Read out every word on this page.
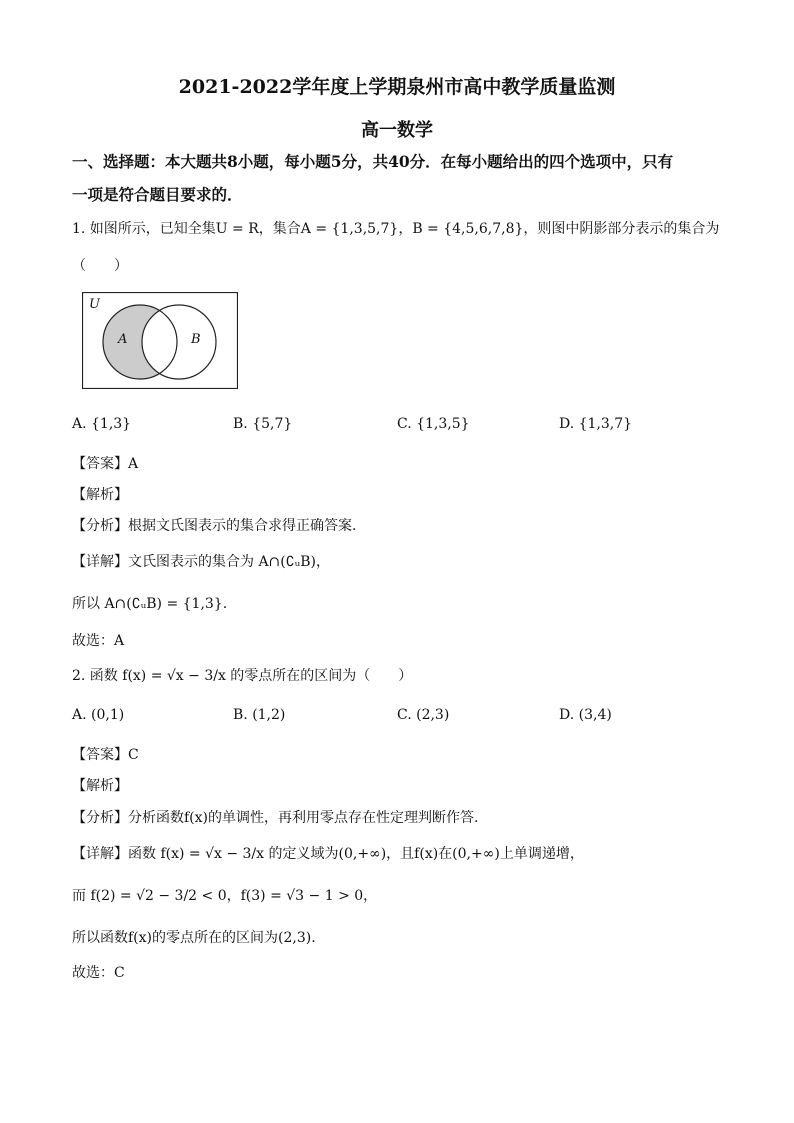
2021-2022学年度上学期泉州市高中教学质量监测
高一数学
一、选择题：本大题共8小题，每小题5分，共40分．在每小题给出的四个选项中，只有
一项是符合题目要求的．
1. 如图所示，已知全集U = R，集合A = {1,3,5,7}，B = {4,5,6,7,8}，则图中阴影部分表示的集合为
（　　）
U
A	B
A. {1,3}	B. {5,7}	C. {1,3,5}	D. {1,3,7}
【答案】A
【解析】
【分析】根据文氏图表示的集合求得正确答案.
【详解】文氏图表示的集合为 A∩(∁ᵤB)，
所以 A∩(∁ᵤB) = {1,3}.
故选：A
2. 函数 f(x) = √x − 3/x 的零点所在的区间为（　　）
A. (0,1)	B. (1,2)	C. (2,3)	D. (3,4)
【答案】C
【解析】
【分析】分析函数f(x)的单调性，再利用零点存在性定理判断作答.
【详解】函数 f(x) = √x − 3/x 的定义域为(0,+∞)，且f(x)在(0,+∞)上单调递增，
而 f(2) = √2 − 3/2 < 0，f(3) = √3 − 1 > 0，
所以函数f(x)的零点所在的区间为(2,3).
故选：C
